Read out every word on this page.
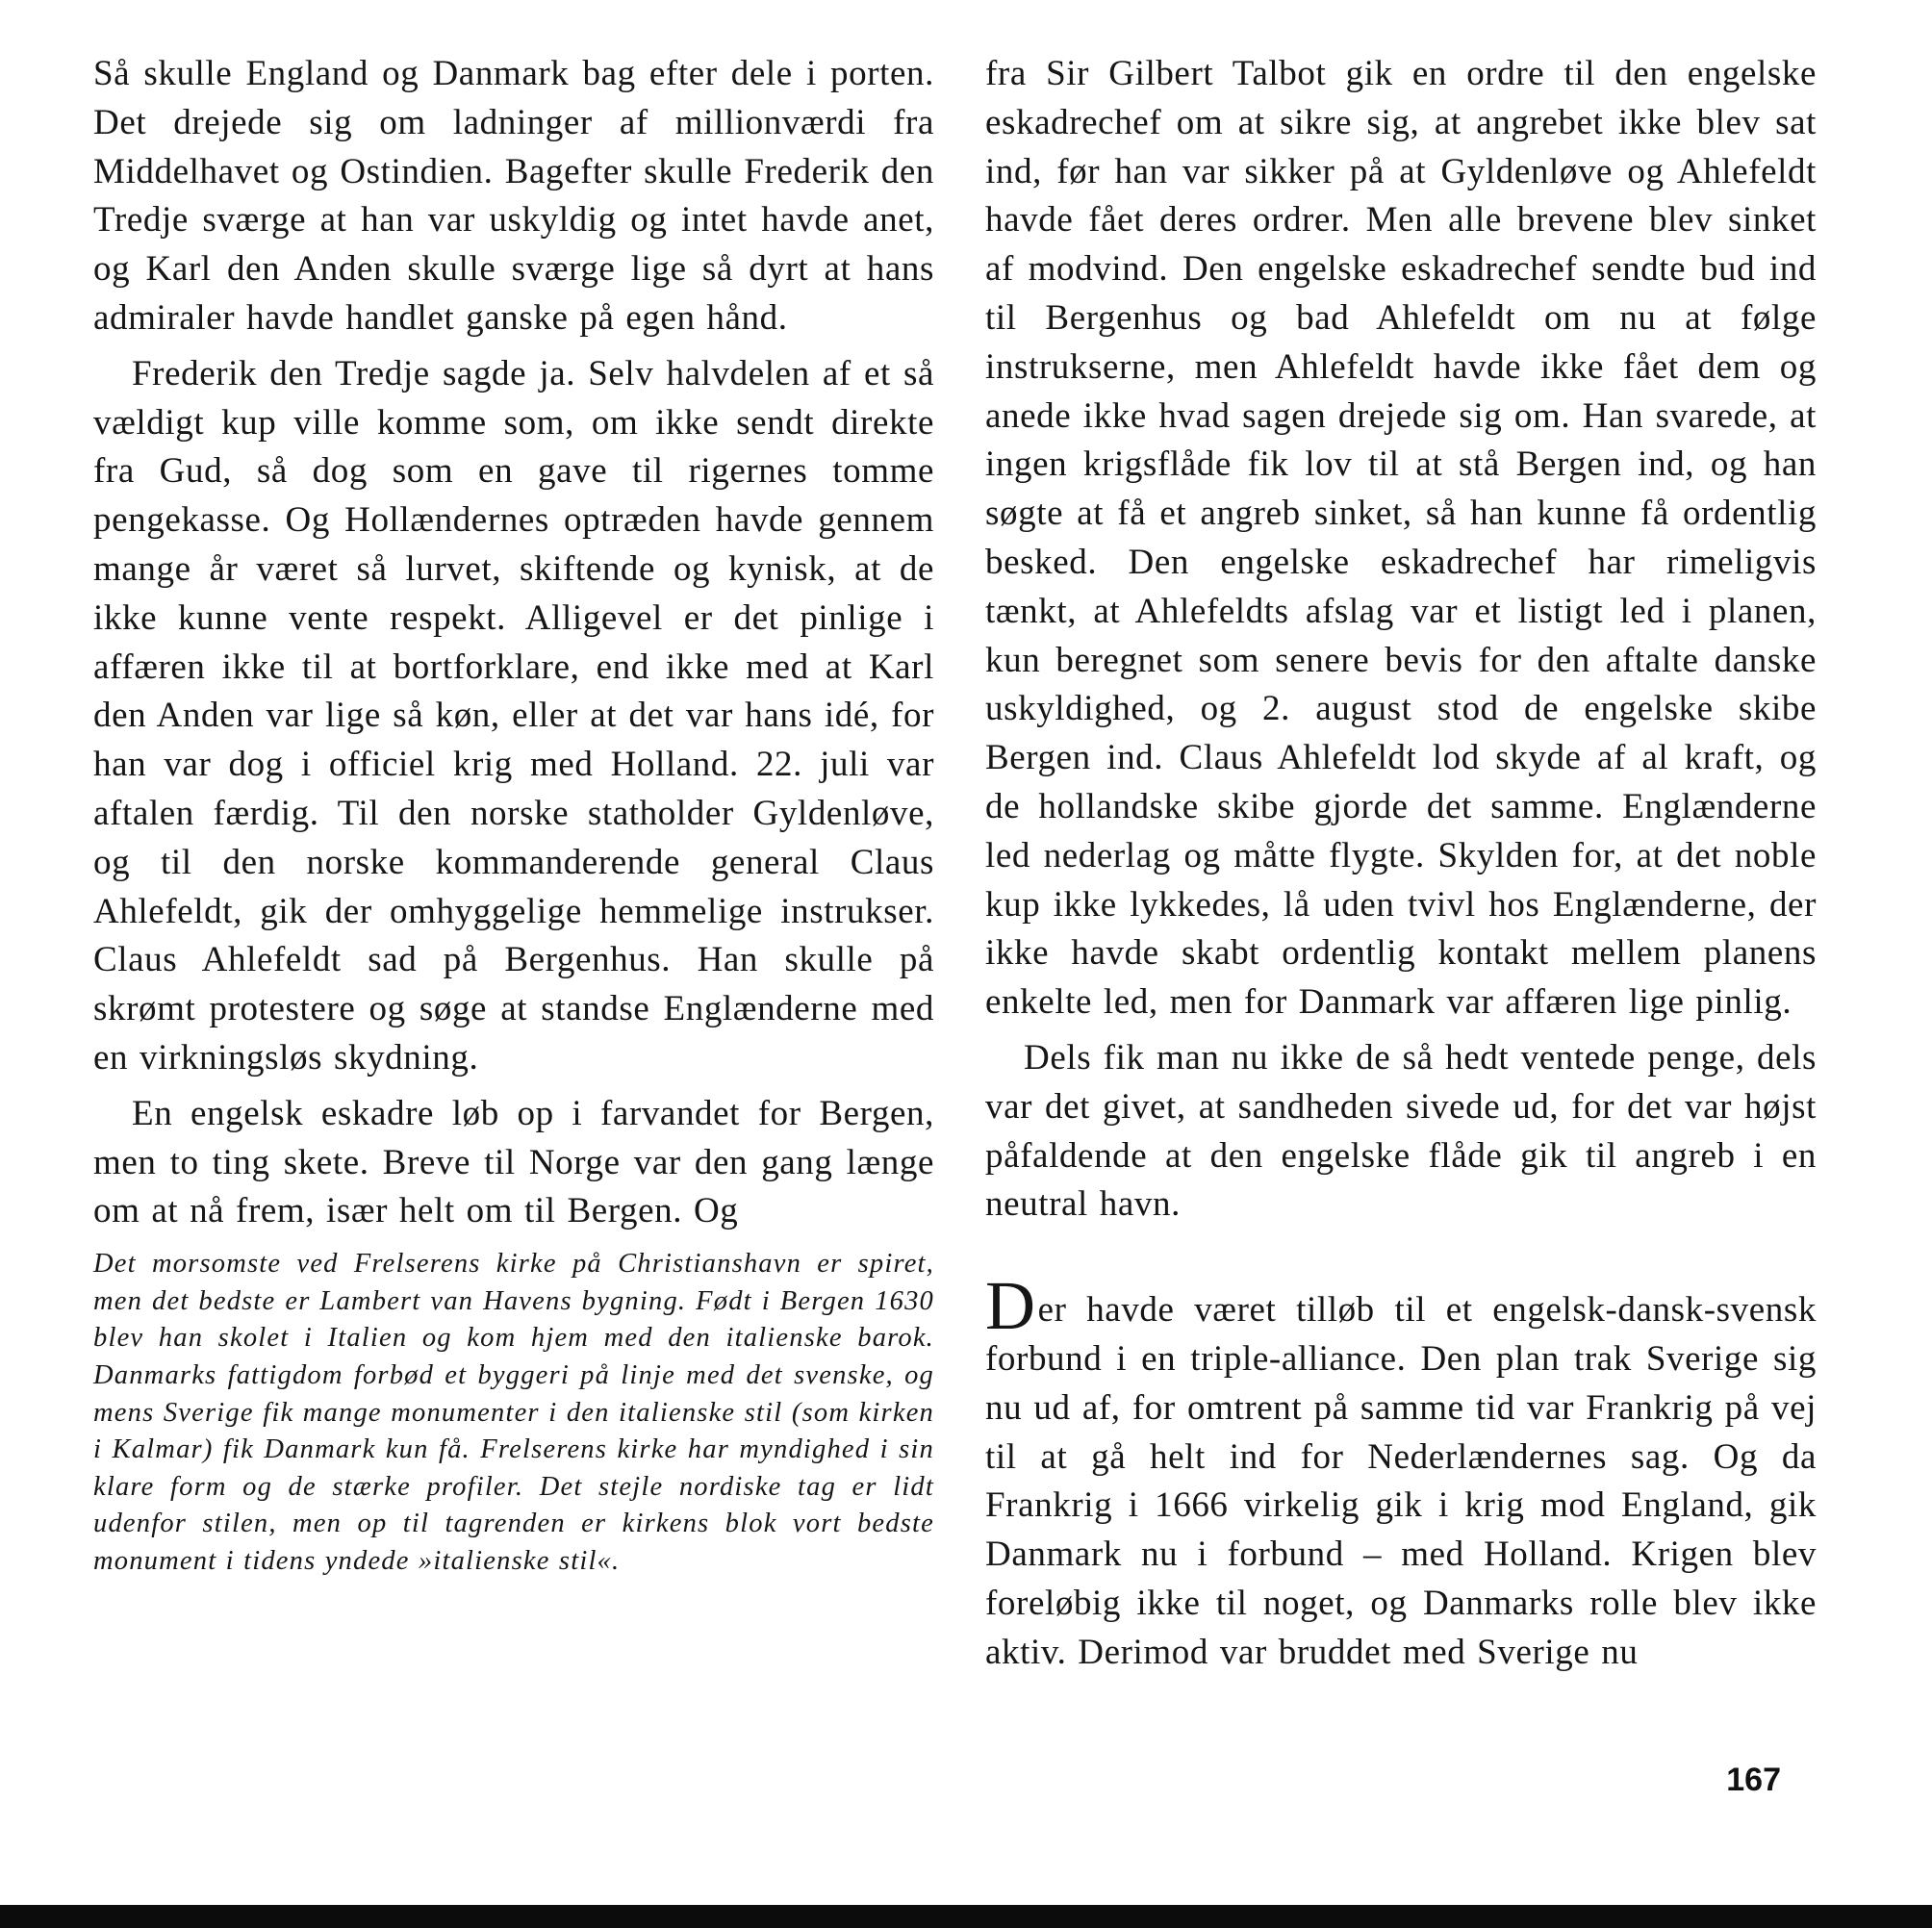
Så skulle England og Danmark bag efter dele i porten. Det drejede sig om ladninger af millionværdi fra Middelhavet og Ostindien. Bagefter skulle Frederik den Tredje sværge at han var uskyldig og intet havde anet, og Karl den Anden skulle sværge lige så dyrt at hans admiraler havde handlet ganske på egen hånd.

Frederik den Tredje sagde ja. Selv halvdelen af et så vældigt kup ville komme som, om ikke sendt direkte fra Gud, så dog som en gave til rigernes tomme pengekasse. Og Hollændernes optræden havde gennem mange år været så lurvet, skiftende og kynisk, at de ikke kunne vente respekt. Alligevel er det pinlige i affæren ikke til at bortforklare, end ikke med at Karl den Anden var lige så køn, eller at det var hans idé, for han var dog i officiel krig med Holland. 22. juli var aftalen færdig. Til den norske statholder Gyldenløve, og til den norske kommanderende general Claus Ahlefeldt, gik der omhyggelige hemmelige instrukser. Claus Ahlefeldt sad på Bergenhus. Han skulle på skrømt protestere og søge at standse Englænderne med en virkningsløs skydning.

En engelsk eskadre løb op i farvandet for Bergen, men to ting skete. Breve til Norge var den gang længe om at nå frem, især helt om til Bergen. Og

Det morsomste ved Frelserens kirke på Christianshavn er spiret, men det bedste er Lambert van Havens bygning. Født i Bergen 1630 blev han skolet i Italien og kom hjem med den italienske barok. Danmarks fattigdom forbød et byggeri på linje med det svenske, og mens Sverige fik mange monumenter i den italienske stil (som kirken i Kalmar) fik Danmark kun få. Frelserens kirke har myndighed i sin klare form og de stærke profiler. Det stejle nordiske tag er lidt udenfor stilen, men op til tagrenden er kirkens blok vort bedste monument i tidens yndede »italienske stil«.

fra Sir Gilbert Talbot gik en ordre til den engelske eskadrechef om at sikre sig, at angrebet ikke blev sat ind, før han var sikker på at Gyldenløve og Ahlefeldt havde fået deres ordrer. Men alle brevene blev sinket af modvind. Den engelske eskadrechef sendte bud ind til Bergenhus og bad Ahlefeldt om nu at følge instrukserne, men Ahlefeldt havde ikke fået dem og anede ikke hvad sagen drejede sig om. Han svarede, at ingen krigsflåde fik lov til at stå Bergen ind, og han søgte at få et angreb sinket, så han kunne få ordentlig besked. Den engelske eskadrechef har rimeligvis tænkt, at Ahlefeldts afslag var et listigt led i planen, kun beregnet som senere bevis for den aftalte danske uskyldighed, og 2. august stod de engelske skibe Bergen ind. Claus Ahlefeldt lod skyde af al kraft, og de hollandske skibe gjorde det samme. Englænderne led nederlag og måtte flygte. Skylden for, at det noble kup ikke lykkedes, lå uden tvivl hos Englænderne, der ikke havde skabt ordentlig kontakt mellem planens enkelte led, men for Danmark var affæren lige pinlig.

Dels fik man nu ikke de så hedt ventede penge, dels var det givet, at sandheden sivede ud, for det var højst påfaldende at den engelske flåde gik til angreb i en neutral havn.

Der havde været tilløb til et engelsk-dansk-svensk forbund i en triple-alliance. Den plan trak Sverige sig nu ud af, for omtrent på samme tid var Frankrig på vej til at gå helt ind for Nederlændernes sag. Og da Frankrig i 1666 virkelig gik i krig mod England, gik Danmark nu i forbund – med Holland. Krigen blev foreløbig ikke til noget, og Danmarks rolle blev ikke aktiv. Derimod var bruddet med Sverige nu

167
